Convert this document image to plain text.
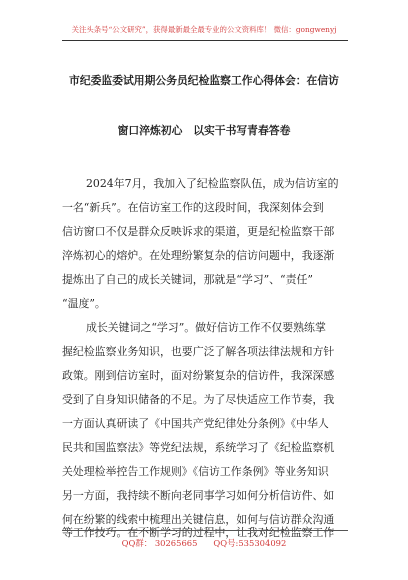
关注头条号“公文研究”，获得最新最全最专业的公文资料库！ 微信：gongwenyj
市纪委监委试用期公务员纪检监察工作心得体会：在信访
窗口淬炼初心　以实干书写青春答卷
2024年7月，我加入了纪检监察队伍，成为信访室的
一名“新兵”。在信访室工作的这段时间，我深刻体会到
信访窗口不仅是群众反映诉求的渠道，更是纪检监察干部
淬炼初心的熔炉。在处理纷繁复杂的信访问题中，我逐渐
提炼出了自己的成长关键词，那就是“学习”、“责任”
“温度”。
成长关键词之“学习”。做好信访工作不仅要熟练掌
握纪检监察业务知识，也要广泛了解各项法律法规和方针
政策。刚到信访室时，面对纷繁复杂的信访件，我深深感
受到了自身知识储备的不足。为了尽快适应工作节奏，我
一方面认真研读了《中国共产党纪律处分条例》《中华人
民共和国监察法》等党纪法规，系统学习了《纪检监察机
关处理检举控告工作规则》《信访工作条例》等业务知识
另一方面，我持续不断向老同事学习如何分析信访件、如
何在纷繁的线索中梳理出关键信息，如何与信访群众沟通
等工作技巧。在不断学习的过程中，让我对纪检监察工作
QQ群： 30265665      QQ号:535304092
